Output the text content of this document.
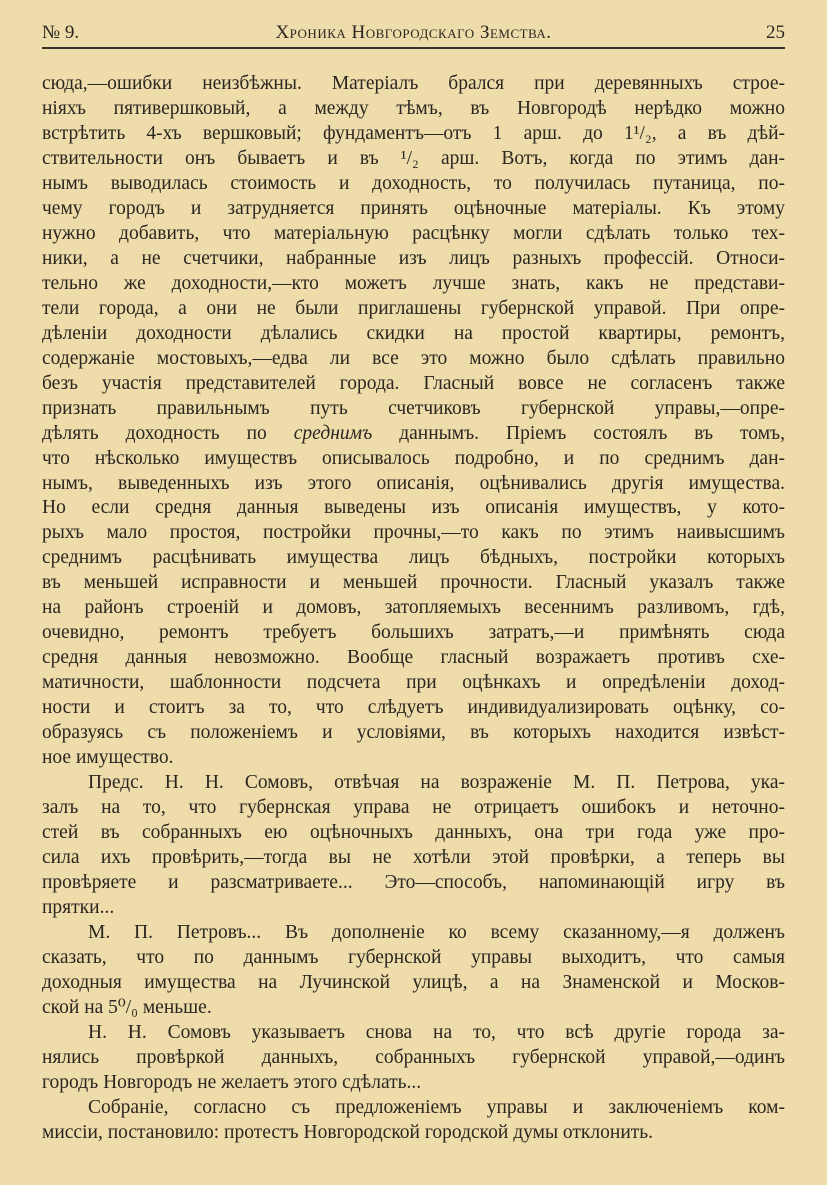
№ 9.	Хроника Новгородскаго Земства.	25
сюда,—ошибки неизбѣжны. Матеріалъ брался при деревянныхъ строе-
ніяхъ пятивершковый, а между тѣмъ, въ Новгородѣ нерѣдко можно
встрѣтить 4-хъ вершковый; фундаментъ—отъ 1 арш. до 1¹/₂, а въ дѣй-
ствительности онъ бываетъ и въ ¹/₂ арш. Вотъ, когда по этимъ дан-
нымъ выводилась стоимость и доходность, то получилась путаница, по-
чему городъ и затрудняется принять оцѣночные матеріалы. Къ этому
нужно добавить, что матеріальную расцѣнку могли сдѣлать только тех-
ники, а не счетчики, набранные изъ лицъ разныхъ профессій. Относи-
тельно же доходности,—кто можетъ лучше знать, какъ не представи-
тели города, а они не были приглашены губернской управой. При опре-
дѣленіи доходности дѣлались скидки на простой квартиры, ремонтъ,
содержаніе мостовыхъ,—едва ли все это можно было сдѣлать правильно
безъ участія представителей города. Гласный вовсе не согласенъ также
признать правильнымъ путь счетчиковъ губернской управы,—опре-
дѣлять доходность по среднимъ даннымъ. Пріемъ состоялъ въ томъ,
что нѣсколько имуществъ описывалось подробно, и по среднимъ дан-
нымъ, выведенныхъ изъ этого описанія, оцѣнивались другія имущества.
Но если средня данныя выведены изъ описанія имуществъ, у кото-
рыхъ мало простоя, постройки прочны,—то какъ по этимъ наивысшимъ
среднимъ расцѣнивать имущества лицъ бѣдныхъ, постройки которыхъ
въ меньшей исправности и меньшей прочности. Гласный указалъ также
на районъ строеній и домовъ, затопляемыхъ весеннимъ разливомъ, гдѣ,
очевидно, ремонтъ требуетъ большихъ затратъ,—и примѣнять сюда
средня данныя невозможно. Вообще гласный возражаетъ противъ схе-
матичности, шаблонности подсчета при оцѣнкахъ и опредѣленіи доход-
ности и стоитъ за то, что слѣдуетъ индивидуализировать оцѣнку, со-
образуясь съ положеніемъ и условіями, въ которыхъ находится извѣст-
ное имущество.
Предс. Н. Н. Сомовъ, отвѣчая на возраженіе М. П. Петрова, ука-
залъ на то, что губернская управа не отрицаетъ ошибокъ и неточно-
стей въ собранныхъ ею оцѣночныхъ данныхъ, она три года уже про-
сила ихъ провѣрить,—тогда вы не хотѣли этой провѣрки, а теперь вы
провѣряете и разсматриваете... Это—способъ, напоминающій игру въ
прятки...
М. П. Петровъ... Въ дополненіе ко всему сказанному,—я долженъ
сказать, что по даннымъ губернской управы выходитъ, что самыя
доходныя имущества на Лучинской улицѣ, а на Знаменской и Москов-
ской на 5⁰/₀ меньше.
Н. Н. Сомовъ указываетъ снова на то, что всѣ другіе города за-
нялись провѣркой данныхъ, собранныхъ губернской управой,—одинъ
городъ Новгородъ не желаетъ этого сдѣлать...
Собраніе, согласно съ предложеніемъ управы и заключеніемъ ком-
миссіи, постановило: протестъ Новгородской городской думы отклонить.
